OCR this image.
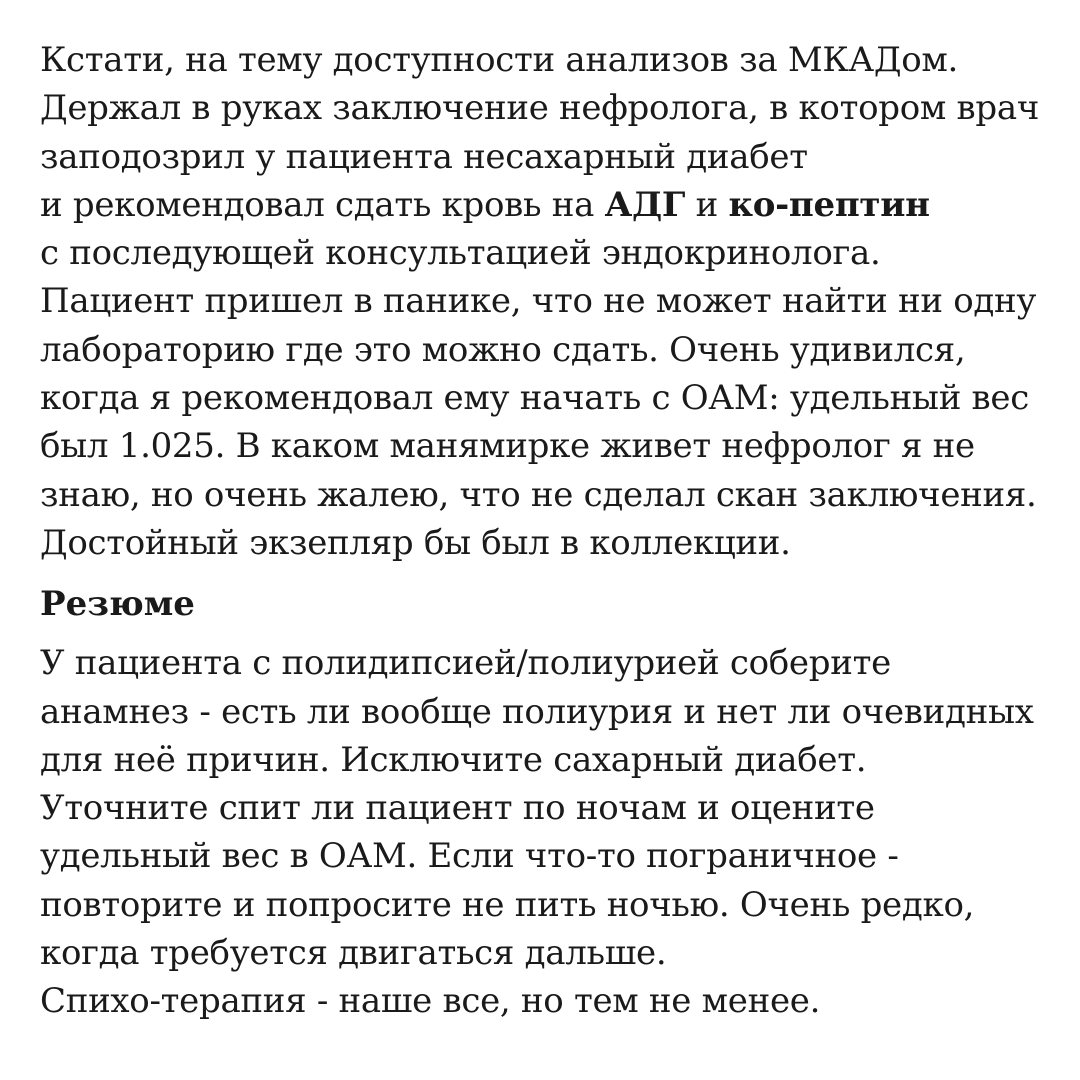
Кстати, на тему доступности анализов за МКАДом.
Держал в руках заключение нефролога, в котором врач
заподозрил у пациента несахарный диабет
и рекомендовал сдать кровь на АДГ и ко-пептин
с последующей консультацией эндокринолога.
Пациент пришел в панике, что не может найти ни одну
лабораторию где это можно сдать. Очень удивился,
когда я рекомендовал ему начать с ОАМ: удельный вес
был 1.025. В каком манямирке живет нефролог я не
знаю, но очень жалею, что не сделал скан заключения.
Достойный экзепляр бы был в коллекции.
Резюме
У пациента с полидипсией/полиурией соберите
анамнез - есть ли вообще полиурия и нет ли очевидных
для неё причин. Исключите сахарный диабет.
Уточните спит ли пациент по ночам и оцените
удельный вес в ОАМ. Если что-то пограничное -
повторите и попросите не пить ночью. Очень редко,
когда требуется двигаться дальше.
Спихо-терапия - наше все, но тем не менее.
